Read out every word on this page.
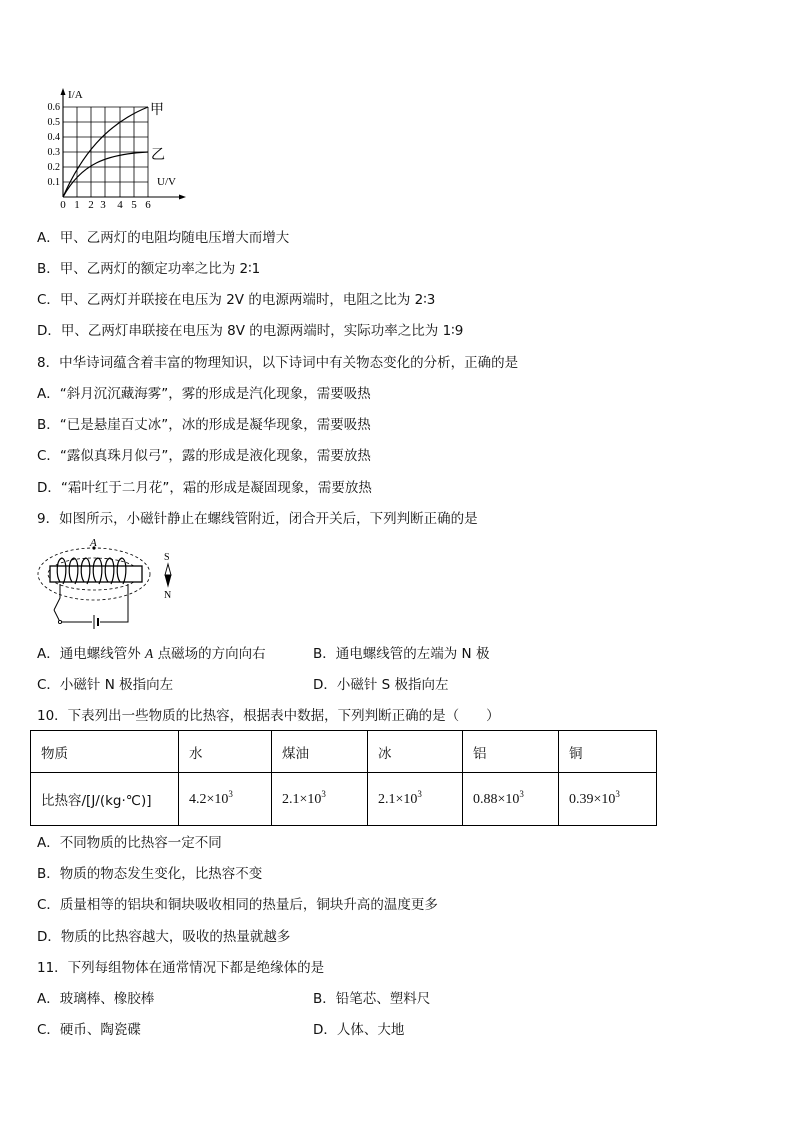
I/A
U/V
0.6
0.5
0.4
0.3
0.2
0.1
0 1 2 3 4 5 6
甲
乙
A．甲、乙两灯的电阻均随电压增大而增大
B．甲、乙两灯的额定功率之比为 2∶1
C．甲、乙两灯并联接在电压为 2V 的电源两端时，电阻之比为 2∶3
D．甲、乙两灯串联接在电压为 8V 的电源两端时，实际功率之比为 1∶9
8．中华诗词蕴含着丰富的物理知识，以下诗词中有关物态变化的分析，正确的是
A．“斜月沉沉藏海雾”，雾的形成是汽化现象，需要吸热
B．“已是悬崖百丈冰”，冰的形成是凝华现象，需要吸热
C．“露似真珠月似弓”，露的形成是液化现象，需要放热
D．“霜叶红于二月花”，霜的形成是凝固现象，需要放热
9．如图所示，小磁针静止在螺线管附近，闭合开关后，下列判断正确的是
A
S
N
A．通电螺线管外 A 点磁场的方向向右	B．通电螺线管的左端为 N 极
C．小磁针 N 极指向左	D．小磁针 S 极指向左
10．下表列出一些物质的比热容，根据表中数据，下列判断正确的是（　　）
物质	水	煤油	冰	铝	铜
比热容/[J/(kg·℃)]	$4.2\times 10^3$	$2.1\times 10^3$	$2.1\times 10^3$	$0.88\times 10^3$	$0.39\times 10^3$
A．不同物质的比热容一定不同
B．物质的物态发生变化，比热容不变
C．质量相等的铝块和铜块吸收相同的热量后，铜块升高的温度更多
D．物质的比热容越大，吸收的热量就越多
11．下列每组物体在通常情况下都是绝缘体的是
A．玻璃棒、橡胶棒	B．铅笔芯、塑料尺
C．硬币、陶瓷碟	D．人体、大地
